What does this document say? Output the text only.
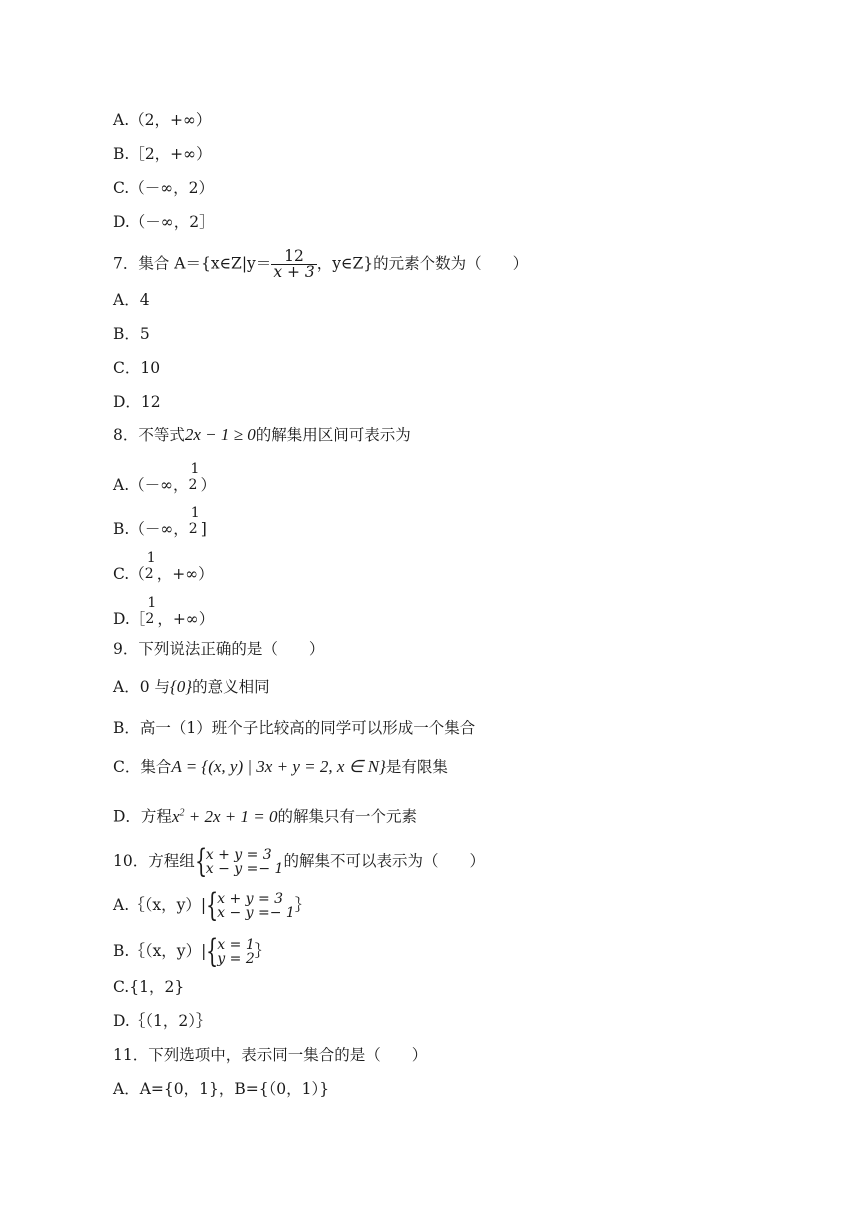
A.（2，+∞）
B.［2，+∞）
C.（－∞，2）
D.（－∞，2］
7．集合 A＝{x∈Z|y＝ $\frac{12}{x + 3}$ ，y∈Z}的元素个数为（　　）
A．4
B．5
C．10
D．12
8．不等式2x − 1 ≥ 0的解集用区间可表示为
A.（－∞，
1
2 ）
B.（－∞，
1
2 ]
C.（
1
2 ，+∞）
D.［
1
2 ，+∞）
9．下列说法正确的是（　　）
A．0 与{0}的意义相同
B．高一（1）班个子比较高的同学可以形成一个集合
C．集合A = {(x, y) | 3x + y = 2, x ∈ N}是有限集
D．方程$x^2 + 2x + 1 = 0$的解集只有一个元素
10．方程组 {
x + y = 3
x − y =− 1 的解集不可以表示为（　　）
A.｛（x，y）| {
x + y = 3
x − y =− 1 ｝
B.｛（x，y）| {
x = 1
y = 2 ｝
C.{1，2}
D.｛（1，2）｝
11．下列选项中，表示同一集合的是（　　）
A．A={0，1}，B={（0，1）}
